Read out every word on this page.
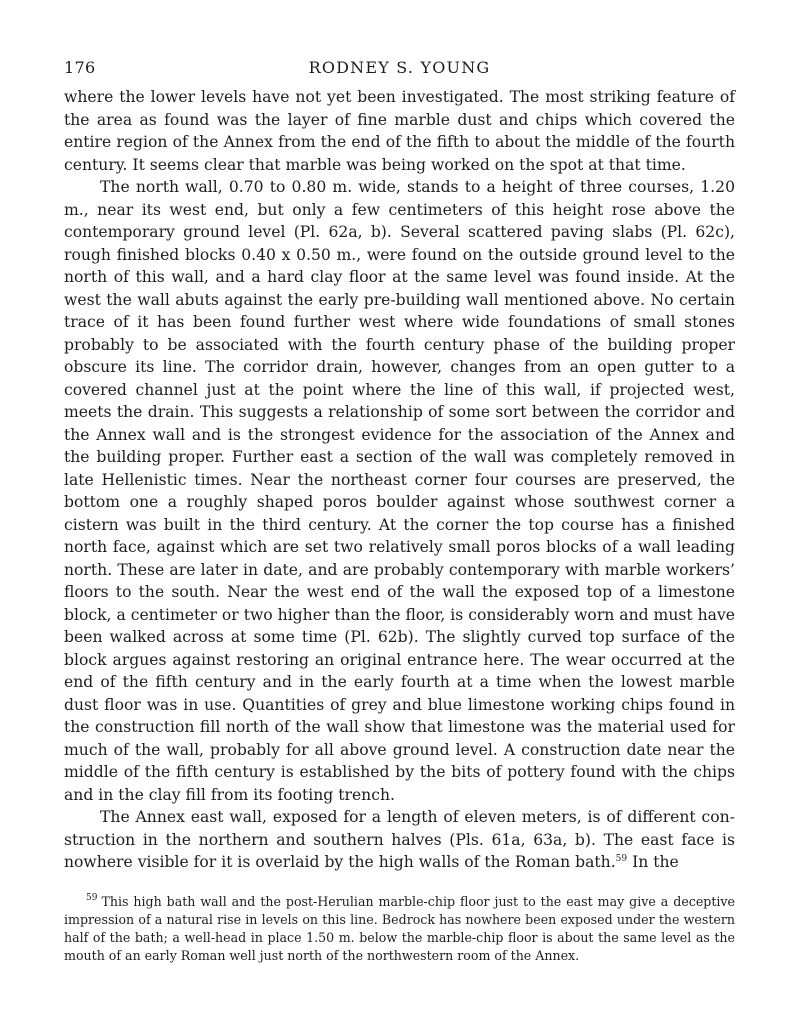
176	RODNEY S. YOUNG

where the lower levels have not yet been investigated. The most striking feature of the area as found was the layer of fine marble dust and chips which covered the entire region of the Annex from the end of the fifth to about the middle of the fourth century. It seems clear that marble was being worked on the spot at that time.

The north wall, 0.70 to 0.80 m. wide, stands to a height of three courses, 1.20 m., near its west end, but only a few centimeters of this height rose above the contemporary ground level (Pl. 62a, b). Several scattered paving slabs (Pl. 62c), rough finished blocks 0.40 x 0.50 m., were found on the outside ground level to the north of this wall, and a hard clay floor at the same level was found inside. At the west the wall abuts against the early pre-building wall mentioned above. No certain trace of it has been found further west where wide foundations of small stones probably to be associated with the fourth century phase of the building proper obscure its line. The corridor drain, however, changes from an open gutter to a covered channel just at the point where the line of this wall, if projected west, meets the drain. This suggests a relationship of some sort between the corridor and the Annex wall and is the strongest evidence for the association of the Annex and the building proper. Further east a section of the wall was completely removed in late Hellenistic times. Near the northeast corner four courses are preserved, the bottom one a roughly shaped poros boulder against whose southwest corner a cistern was built in the third century. At the corner the top course has a finished north face, against which are set two relatively small poros blocks of a wall leading north. These are later in date, and are probably contemporary with marble workers’ floors to the south. Near the west end of the wall the exposed top of a limestone block, a centimeter or two higher than the floor, is considerably worn and must have been walked across at some time (Pl. 62b). The slightly curved top surface of the block argues against restoring an original entrance here. The wear occurred at the end of the fifth century and in the early fourth at a time when the lowest marble dust floor was in use. Quantities of grey and blue limestone working chips found in the construction fill north of the wall show that limestone was the material used for much of the wall, probably for all above ground level. A construction date near the middle of the fifth century is established by the bits of pottery found with the chips and in the clay fill from its footing trench.

The Annex east wall, exposed for a length of eleven meters, is of different construction in the northern and southern halves (Pls. 61a, 63a, b). The east face is nowhere visible for it is overlaid by the high walls of the Roman bath.$^{59}$ In the

$^{59}$ This high bath wall and the post-Herulian marble-chip floor just to the east may give a deceptive impression of a natural rise in levels on this line. Bedrock has nowhere been exposed under the western half of the bath; a well-head in place 1.50 m. below the marble-chip floor is about the same level as the mouth of an early Roman well just north of the northwestern room of the Annex.
